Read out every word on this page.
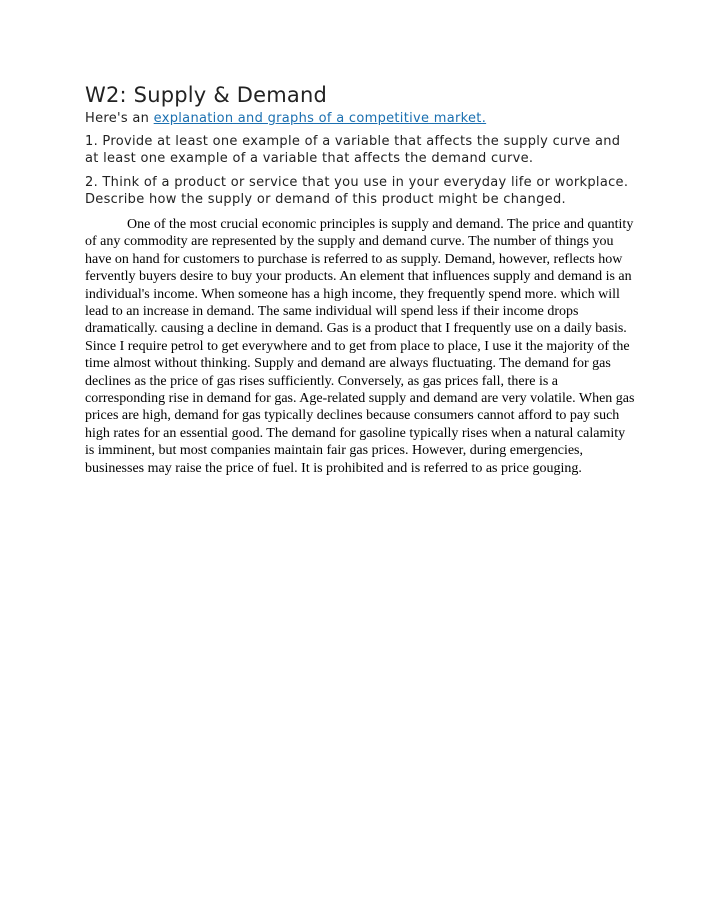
W2: Supply & Demand

Here's an explanation and graphs of a competitive market.

1. Provide at least one example of a variable that affects the supply curve and at least one example of a variable that affects the demand curve.

2. Think of a product or service that you use in your everyday life or workplace. Describe how the supply or demand of this product might be changed.

One of the most crucial economic principles is supply and demand. The price and quantity of any commodity are represented by the supply and demand curve. The number of things you have on hand for customers to purchase is referred to as supply. Demand, however, reflects how fervently buyers desire to buy your products. An element that influences supply and demand is an individual's income. When someone has a high income, they frequently spend more. which will lead to an increase in demand. The same individual will spend less if their income drops dramatically. causing a decline in demand. Gas is a product that I frequently use on a daily basis. Since I require petrol to get everywhere and to get from place to place, I use it the majority of the time almost without thinking. Supply and demand are always fluctuating. The demand for gas declines as the price of gas rises sufficiently. Conversely, as gas prices fall, there is a corresponding rise in demand for gas. Age-related supply and demand are very volatile. When gas prices are high, demand for gas typically declines because consumers cannot afford to pay such high rates for an essential good. The demand for gasoline typically rises when a natural calamity is imminent, but most companies maintain fair gas prices. However, during emergencies, businesses may raise the price of fuel. It is prohibited and is referred to as price gouging.
